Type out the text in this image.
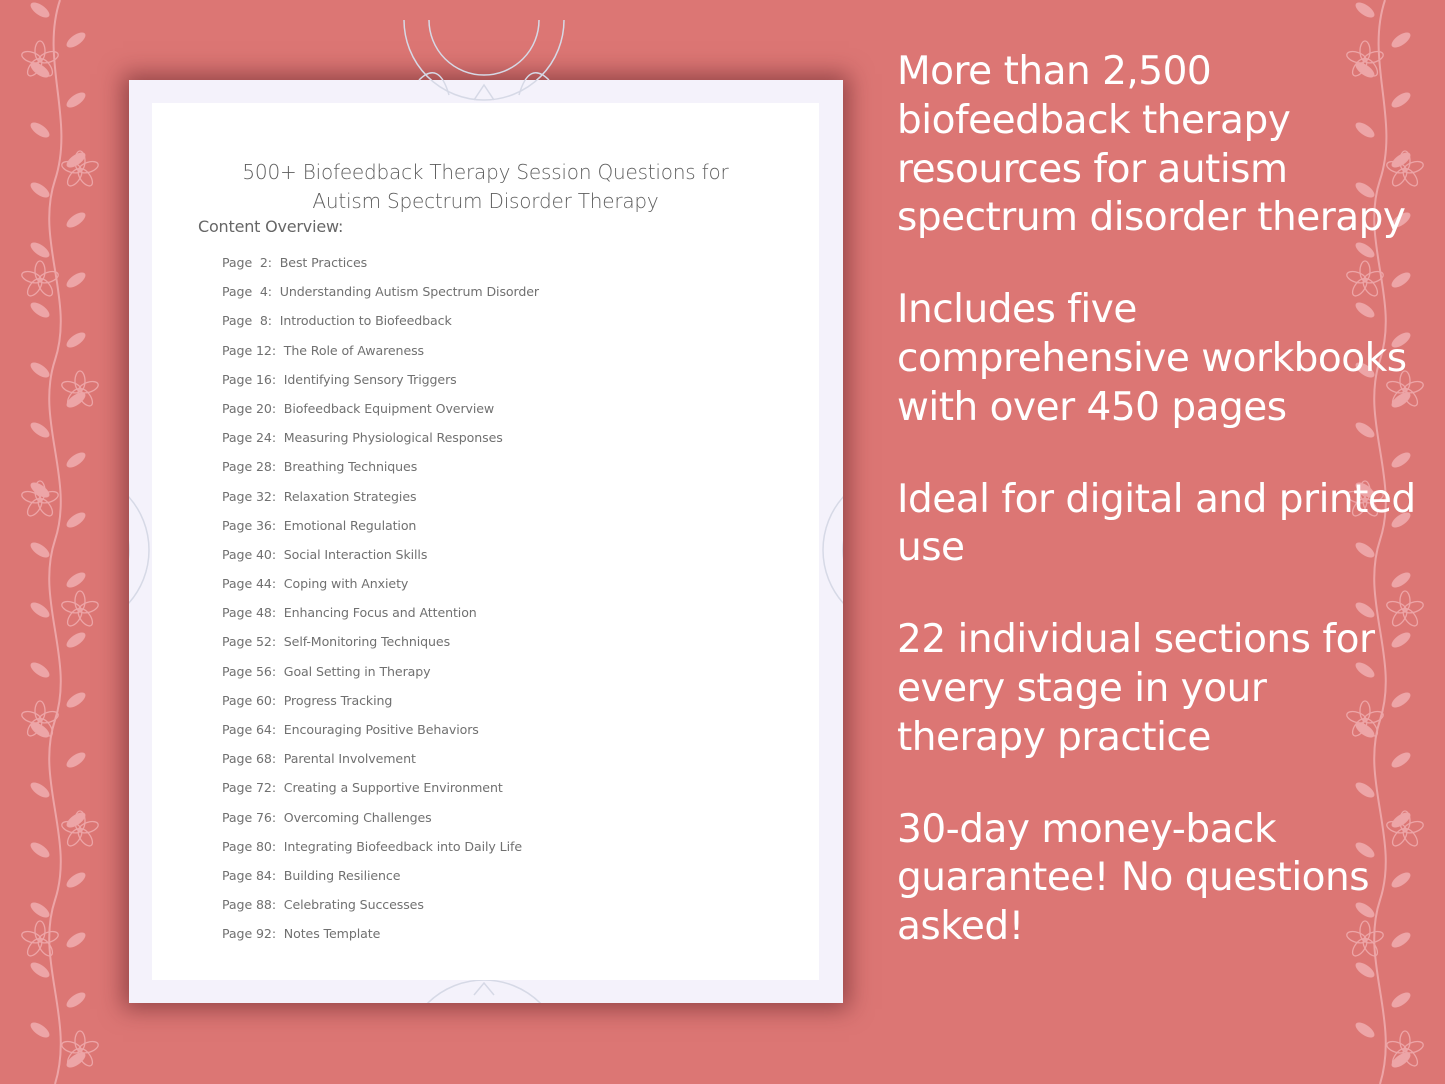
500+ Biofeedback Therapy Session Questions for
Autism Spectrum Disorder Therapy
Content Overview:
Page  2: Best Practices
Page  4: Understanding Autism Spectrum Disorder
Page  8: Introduction to Biofeedback
Page 12: The Role of Awareness
Page 16: Identifying Sensory Triggers
Page 20: Biofeedback Equipment Overview
Page 24: Measuring Physiological Responses
Page 28: Breathing Techniques
Page 32: Relaxation Strategies
Page 36: Emotional Regulation
Page 40: Social Interaction Skills
Page 44: Coping with Anxiety
Page 48: Enhancing Focus and Attention
Page 52: Self-Monitoring Techniques
Page 56: Goal Setting in Therapy
Page 60: Progress Tracking
Page 64: Encouraging Positive Behaviors
Page 68: Parental Involvement
Page 72: Creating a Supportive Environment
Page 76: Overcoming Challenges
Page 80: Integrating Biofeedback into Daily Life
Page 84: Building Resilience
Page 88: Celebrating Successes
Page 92: Notes Template

More than 2,500 biofeedback therapy resources for autism spectrum disorder therapy

Includes five comprehensive workbooks with over 450 pages

Ideal for digital and printed use

22 individual sections for every stage in your therapy practice

30-day money-back guarantee! No questions asked!
